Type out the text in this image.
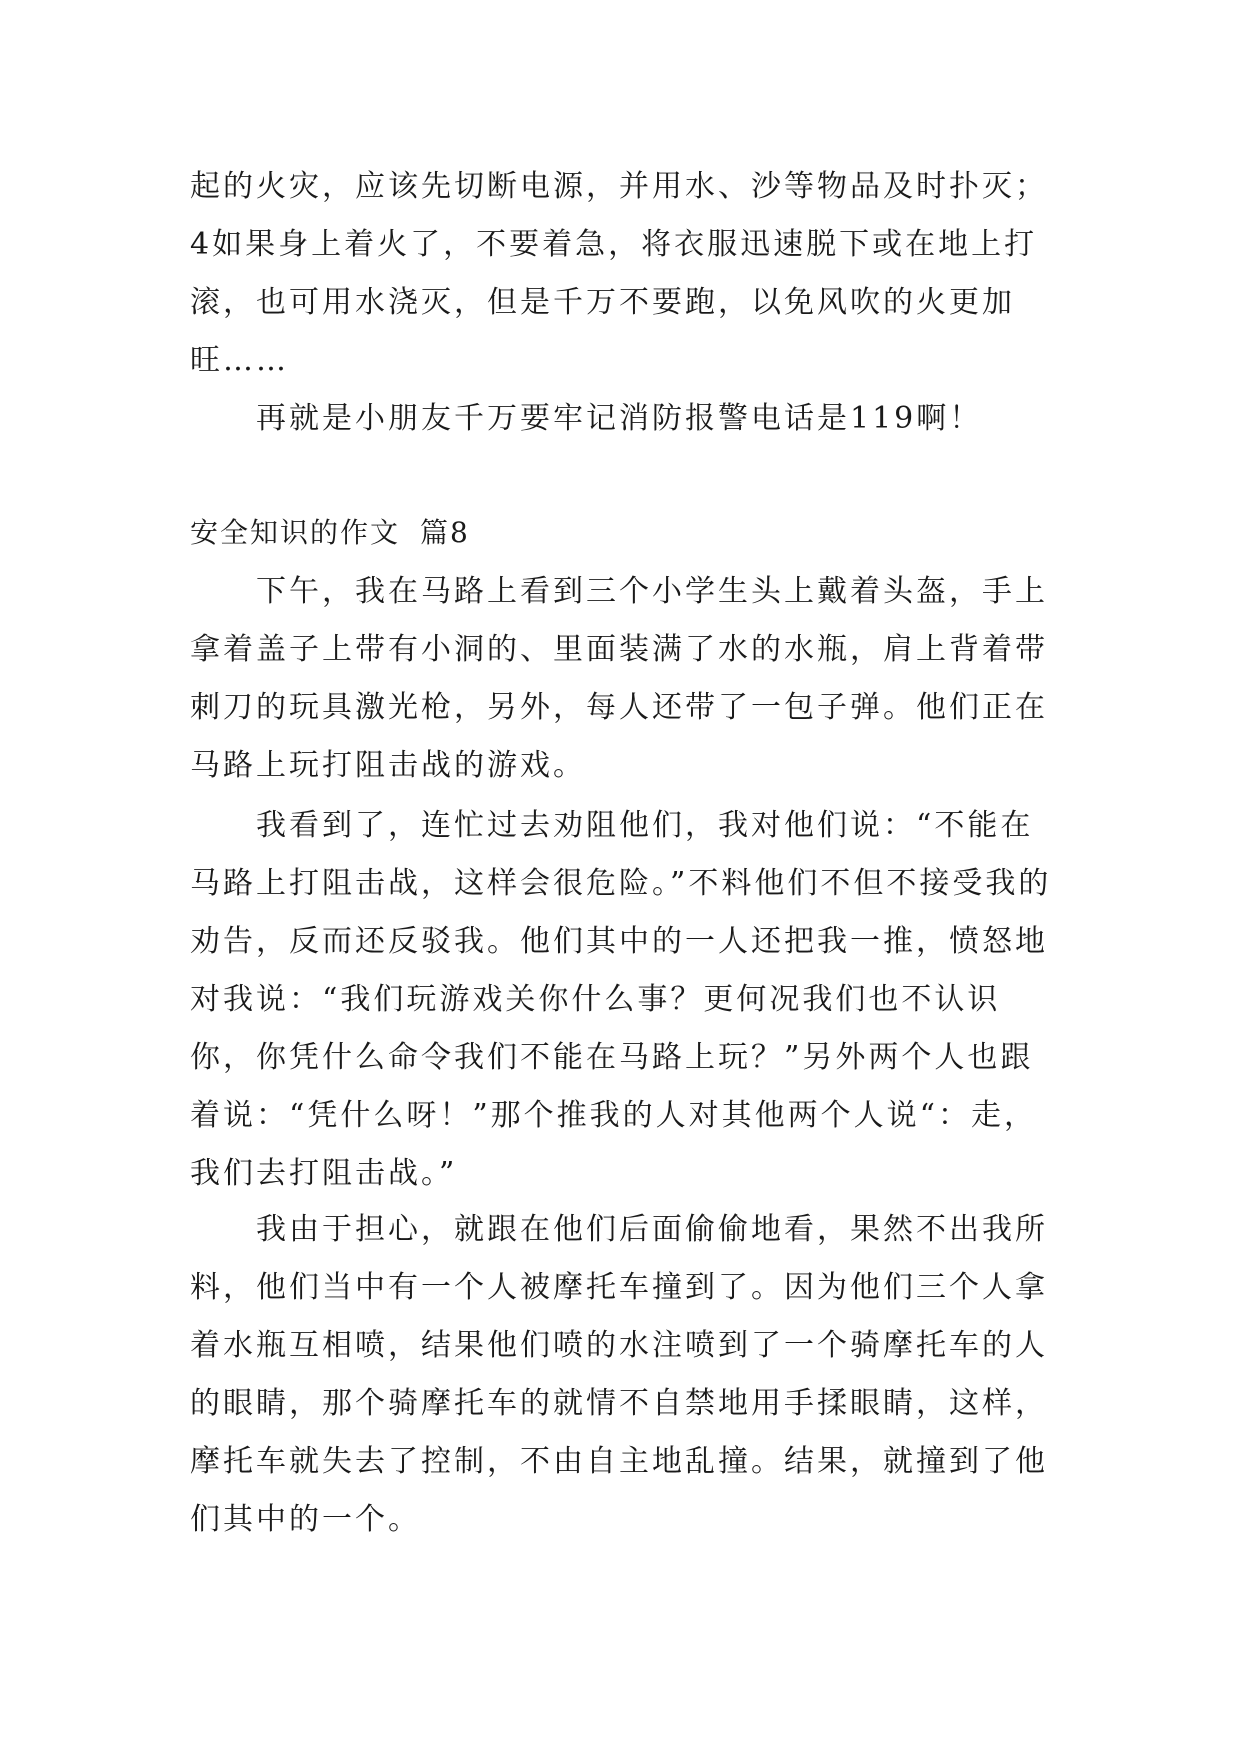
起的火灾，应该先切断电源，并用水、沙等物品及时扑灭；4如果身上着火了，不要着急，将衣服迅速脱下或在地上打滚，也可用水浇灭，但是千万不要跑，以免风吹的火更加旺……

再就是小朋友千万要牢记消防报警电话是119啊！

安全知识的作文 篇8

下午，我在马路上看到三个小学生头上戴着头盔，手上拿着盖子上带有小洞的、里面装满了水的水瓶，肩上背着带刺刀的玩具激光枪，另外，每人还带了一包子弹。他们正在马路上玩打阻击战的游戏。

我看到了，连忙过去劝阻他们，我对他们说：“不能在马路上打阻击战，这样会很危险。”不料他们不但不接受我的劝告，反而还反驳我。他们其中的一人还把我一推，愤怒地对我说：“我们玩游戏关你什么事？更何况我们也不认识你，你凭什么命令我们不能在马路上玩？”另外两个人也跟着说：“凭什么呀！”那个推我的人对其他两个人说“：走，我们去打阻击战。”

我由于担心，就跟在他们后面偷偷地看，果然不出我所料，他们当中有一个人被摩托车撞到了。因为他们三个人拿着水瓶互相喷，结果他们喷的水注喷到了一个骑摩托车的人的眼睛，那个骑摩托车的就情不自禁地用手揉眼睛，这样，摩托车就失去了控制，不由自主地乱撞。结果，就撞到了他们其中的一个。
